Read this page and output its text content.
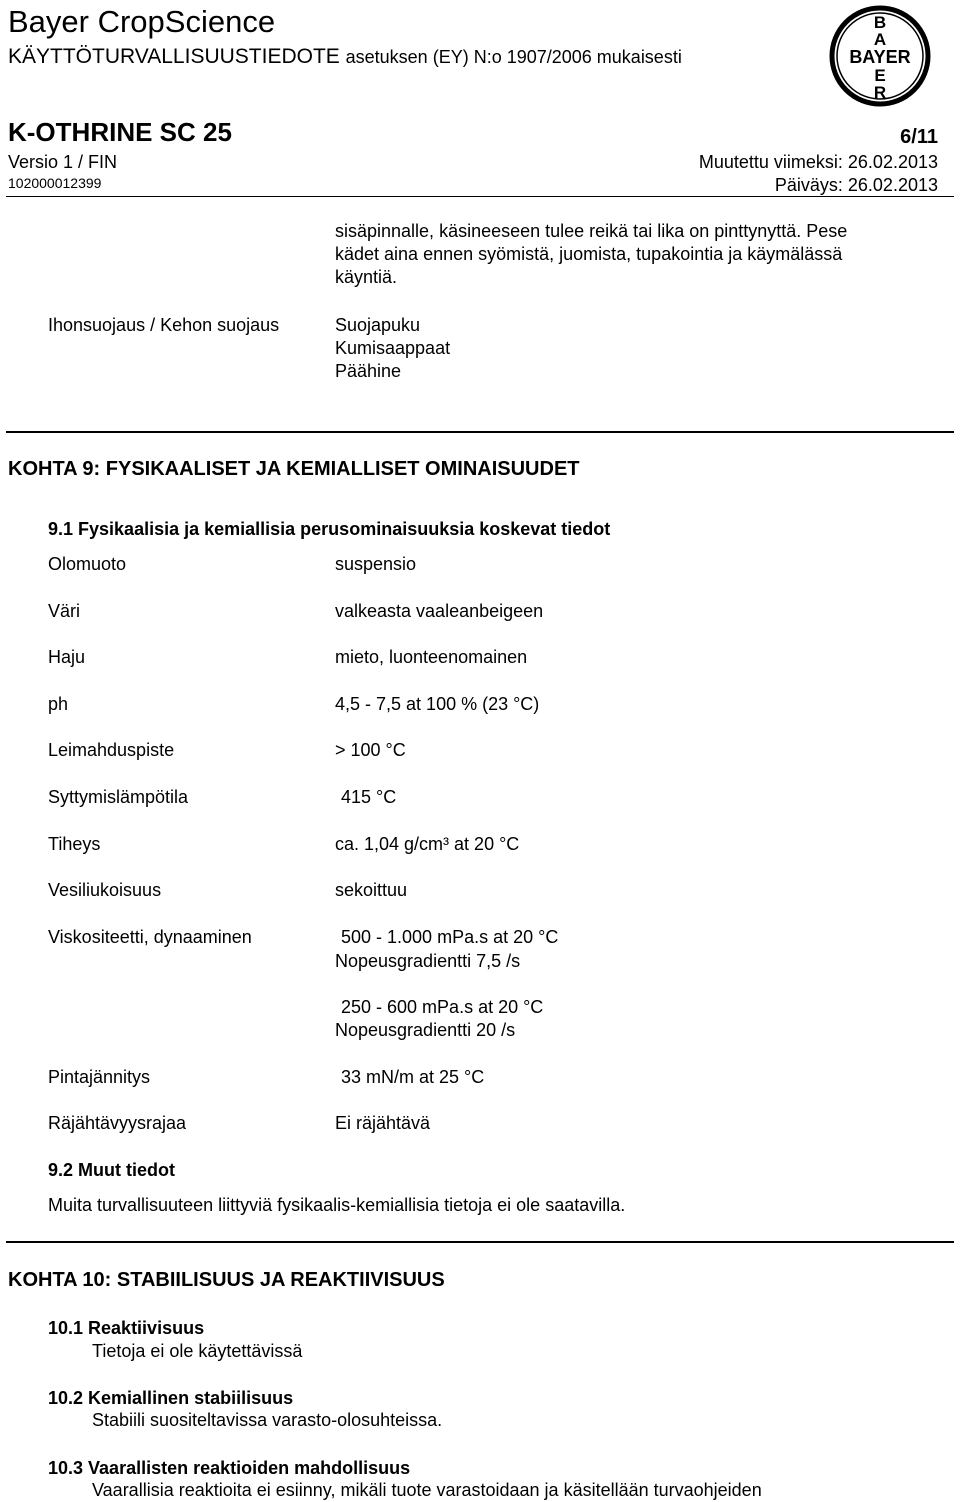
Bayer CropScience
KÄYTTÖTURVALLISUUSTIEDOTE asetuksen (EY) N:o 1907/2006 mukaisesti
B
A
BAYER
E
R
K-OTHRINE SC 25	6/11
Versio 1 / FIN	Muutettu viimeksi: 26.02.2013
102000012399	Päiväys: 26.02.2013
sisäpinnalle, käsineeseen tulee reikä tai lika on pinttynyttä. Pese
kädet aina ennen syömistä, juomista, tupakointia ja käymälässä
käyntiä.
Ihonsuojaus / Kehon suojaus	Suojapuku
Kumisaappaat
Päähine
KOHTA 9: FYSIKAALISET JA KEMIALLISET OMINAISUUDET
9.1 Fysikaalisia ja kemiallisia perusominaisuuksia koskevat tiedot
Olomuoto	suspensio
Väri	valkeasta vaaleanbeigeen
Haju	mieto, luonteenomainen
ph	4,5 - 7,5 at 100 % (23 °C)
Leimahduspiste	> 100 °C
Syttymislämpötila	415 °C
Tiheys	ca. 1,04 g/cm³ at 20 °C
Vesiliukoisuus	sekoittuu
Viskositeetti, dynaaminen	500 - 1.000 mPa.s at 20 °C
Nopeusgradientti 7,5 /s
250 - 600 mPa.s at 20 °C
Nopeusgradientti 20 /s
Pintajännitys	33 mN/m at 25 °C
Räjähtävyysrajaa	Ei räjähtävä
9.2 Muut tiedot
Muita turvallisuuteen liittyviä fysikaalis-kemiallisia tietoja ei ole saatavilla.
KOHTA 10: STABIILISUUS JA REAKTIIVISUUS
10.1 Reaktiivisuus
Tietoja ei ole käytettävissä
10.2 Kemiallinen stabiilisuus
Stabiili suositeltavissa varasto-olosuhteissa.
10.3 Vaarallisten reaktioiden mahdollisuus
Vaarallisia reaktioita ei esiinny, mikäli tuote varastoidaan ja käsitellään turvaohjeiden
